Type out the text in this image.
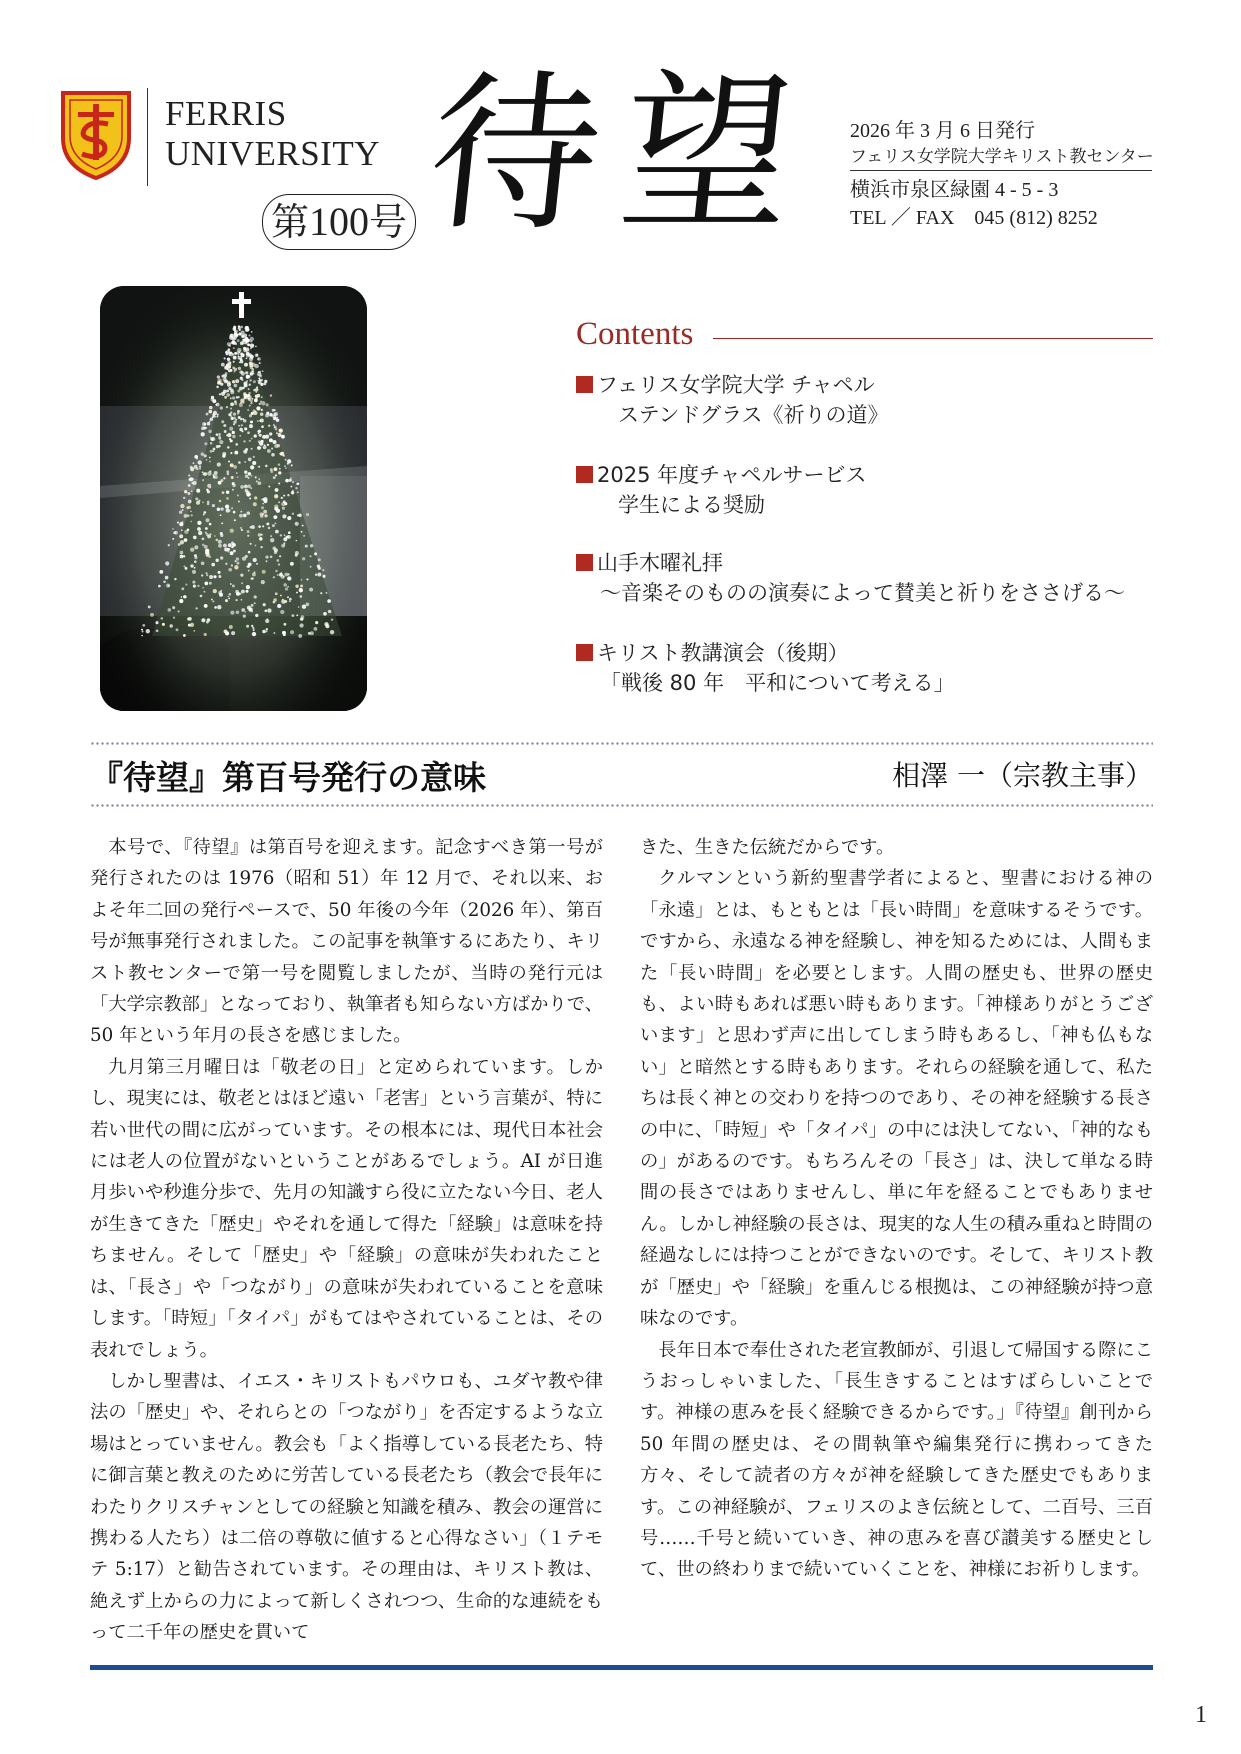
FERRIS
UNIVERSITY
第100号 待望 2026 年 3 月 6 日発行
フェリス女学院大学キリスト教センター
横浜市泉区緑園 4 - 5 - 3
TEL ／ FAX　045 (812) 8252
Contents
フェリス女学院大学 チャペル
ステンドグラス《祈りの道》
2025 年度チャペルサービス
学生による奨励
山手木曜礼拝
～音楽そのものの演奏によって賛美と祈りをささげる～
キリスト教講演会（後期）
「戦後 80 年　平和について考える」
『待望』第百号発行の意味	相澤 一（宗教主事）

本号で、『待望』は第百号を迎えます。記念すべき第一号が発行されたのは 1976（昭和 51）年 12 月で、それ以来、およそ年二回の発行ペースで、50 年後の今年（2026 年）、第百号が無事発行されました。この記事を執筆するにあたり、キリスト教センターで第一号を閲覧しましたが、当時の発行元は「大学宗教部」となっており、執筆者も知らない方ばかりで、50 年という年月の長さを感じました。

九月第三月曜日は「敬老の日」と定められています。しかし、現実には、敬老とはほど遠い「老害」という言葉が、特に若い世代の間に広がっています。その根本には、現代日本社会には老人の位置がないということがあるでしょう。AI が日進月歩いや秒進分歩で、先月の知識すら役に立たない今日、老人が生きてきた「歴史」やそれを通して得た「経験」は意味を持ちません。そして「歴史」や「経験」の意味が失われたことは、「長さ」や「つながり」の意味が失われていることを意味します。「時短」「タイパ」がもてはやされていることは、その表れでしょう。

しかし聖書は、イエス・キリストもパウロも、ユダヤ教や律法の「歴史」や、それらとの「つながり」を否定するような立場はとっていません。教会も「よく指導している長老たち、特に御言葉と教えのために労苦している長老たち（教会で長年にわたりクリスチャンとしての経験と知識を積み、教会の運営に携わる人たち）は二倍の尊敬に値すると心得なさい」（１テモテ 5:17）と勧告されています。その理由は、キリスト教は、絶えず上からの力によって新しくされつつ、生命的な連続をもって二千年の歴史を貫いて

きた、生きた伝統だからです。

クルマンという新約聖書学者によると、聖書における神の「永遠」とは、もともとは「長い時間」を意味するそうです。ですから、永遠なる神を経験し、神を知るためには、人間もまた「長い時間」を必要とします。人間の歴史も、世界の歴史も、よい時もあれば悪い時もあります。「神様ありがとうございます」と思わず声に出してしまう時もあるし、「神も仏もない」と暗然とする時もあります。それらの経験を通して、私たちは長く神との交わりを持つのであり、その神を経験する長さの中に、「時短」や「タイパ」の中には決してない、「神的なもの」があるのです。もちろんその「長さ」は、決して単なる時間の長さではありませんし、単に年を経ることでもありません。しかし神経験の長さは、現実的な人生の積み重ねと時間の経過なしには持つことができないのです。そして、キリスト教が「歴史」や「経験」を重んじる根拠は、この神経験が持つ意味なのです。

長年日本で奉仕された老宣教師が、引退して帰国する際にこうおっしゃいました、「長生きすることはすばらしいことです。神様の恵みを長く経験できるからです。」『待望』創刊から 50 年間の歴史は、その間執筆や編集発行に携わってきた方々、そして読者の方々が神を経験してきた歴史でもあります。この神経験が、フェリスのよき伝統として、二百号、三百号……千号と続いていき、神の恵みを喜び讃美する歴史として、世の終わりまで続いていくことを、神様にお祈りします。

1
